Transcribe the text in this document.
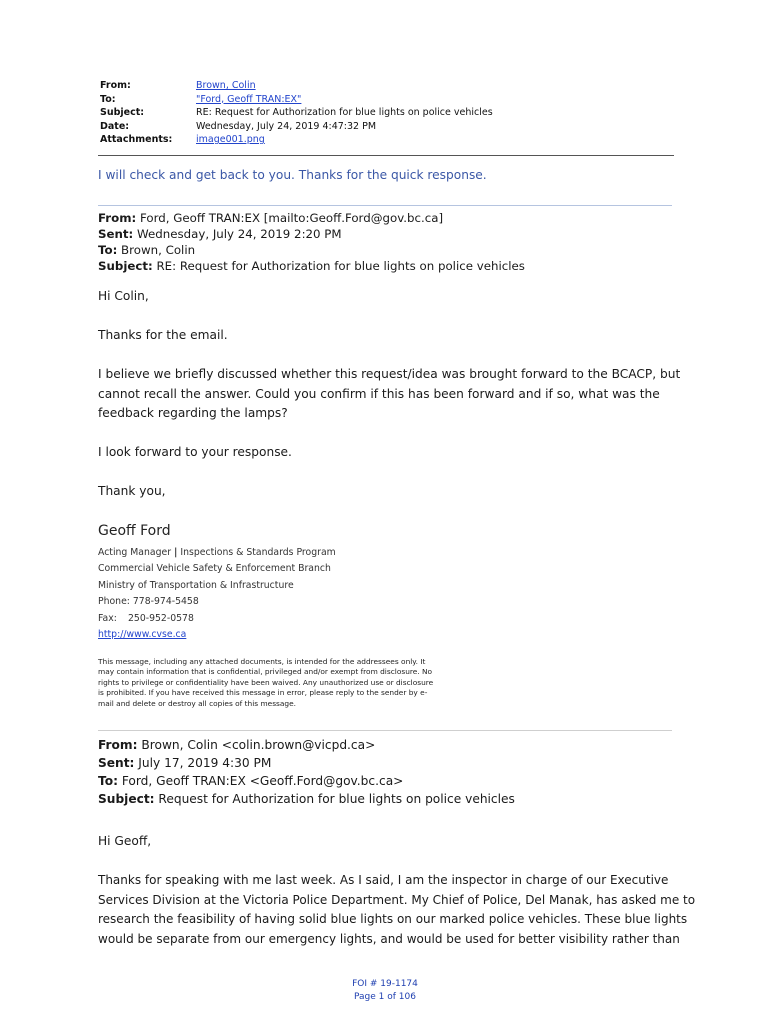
From:	Brown, Colin
To:	"Ford, Geoff TRAN:EX"
Subject:	RE: Request for Authorization for blue lights on police vehicles
Date:	Wednesday, July 24, 2019 4:47:32 PM
Attachments:	image001.png
I will check and get back to you. Thanks for the quick response.
From: Ford, Geoff TRAN:EX [mailto:Geoff.Ford@gov.bc.ca]
Sent: Wednesday, July 24, 2019 2:20 PM
To: Brown, Colin
Subject: RE: Request for Authorization for blue lights on police vehicles
Hi Colin,
Thanks for the email.
I believe we briefly discussed whether this request/idea was brought forward to the BCACP, but
cannot recall the answer. Could you confirm if this has been forward and if so, what was the
feedback regarding the lamps?
I look forward to your response.
Thank you,
Geoff Ford
Acting Manager | Inspections & Standards Program
Commercial Vehicle Safety & Enforcement Branch
Ministry of Transportation & Infrastructure
Phone: 778-974-5458
Fax: 250-952-0578
http://www.cvse.ca
This message, including any attached documents, is intended for the addressees only. It may contain information that is confidential, privileged and/or exempt from disclosure. No rights to privilege or confidentiality have been waived. Any unauthorized use or disclosure is prohibited. If you have received this message in error, please reply to the sender by e-mail and delete or destroy all copies of this message.
From: Brown, Colin <colin.brown@vicpd.ca>
Sent: July 17, 2019 4:30 PM
To: Ford, Geoff TRAN:EX <Geoff.Ford@gov.bc.ca>
Subject: Request for Authorization for blue lights on police vehicles
Hi Geoff,
Thanks for speaking with me last week. As I said, I am the inspector in charge of our Executive
Services Division at the Victoria Police Department. My Chief of Police, Del Manak, has asked me to
research the feasibility of having solid blue lights on our marked police vehicles. These blue lights
would be separate from our emergency lights, and would be used for better visibility rather than
FOI # 19-1174
Page 1 of 106
